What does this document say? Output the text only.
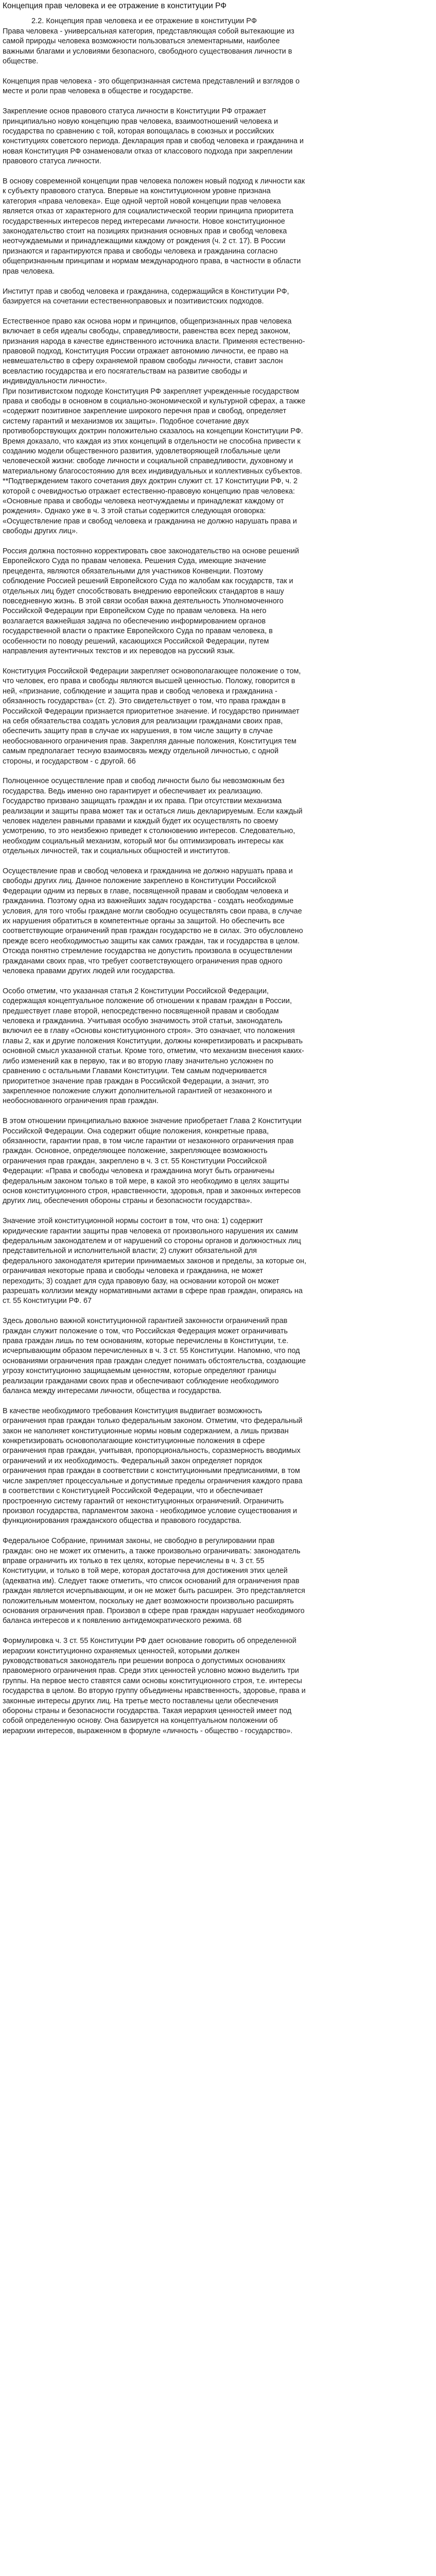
Концепция прав человека и ее отражение в конституции РФ
2.2. Концепция прав человека и ее отражение в конституции РФ
Права человека - универсальная категория, представляющая собой вытекающие из самой природы человека возможности пользоваться элементарными, наиболее важными благами и условиями безопасного, свободного существования личности в обществе.
Концепция прав человека - это общепризнанная система представлений и взглядов о месте и роли прав человека в обществе и государстве.
Закрепление основ правового статуса личности в Конституции РФ отражает принципиально новую концепцию прав человека, взаимоотношений человека и государства по сравнению с той, которая вопощалась в союзных и российских конституциях советского периода. Декларация прав и свобод человека и гражданина и новая Конституция РФ ознаменовали отказ от классового подхода при закреплении правового статуса личности.
В основу современной концепции прав человека положен новый подход к личности как к субъекту правового статуса. Впервые на конституционном уровне признана категория «права человека». Еще одной чертой новой концепции прав человека является отказ от характерного для социалистической теории принципа приоритета государственных интересов перед интересами личности. Новое конституционное законодательство стоит на позициях признания основных прав и свобод человека неотчуждаемыми и принадлежащими каждому от рождения (ч. 2 ст. 17). В России признаются и гарантируются права и свободы человека и гражданина согласно общепризнанным принципам и нормам международного права, в частности в области прав человека.
Институт прав и свобод человека и гражданина, содержащийся в Конституции РФ, базируется на сочетании естественноправовых и позитивистских подходов.
Естественное право как основа норм и принципов, общепризнанных прав человека включает в себя идеалы свободы, справедливости, равенства всех перед законом, признания народа в качестве единственного источника власти. Применяя естественно-правовой подход, Конституция России отражает автономию личности, ее право на невмешательство в сферу охраняемой правом свободы личности, ставит заслон всевластию государства и его посягательствам на развитие свободы и индивидуальности личности».
При позитивистском подходе Конституция РФ закрепляет учрежденные государством права и свободы в основном в социально-экономической и культурной сферах, а также «содержит позитивное закрепление широкого перечня прав и свобод, определяет систему гарантий и механизмов их защиты». Подобное сочетание двух противоборствующих доктрин положительно сказалось на концепции Конституции РФ. Время доказало, что каждая из этих концепций в отдельности не способна привести к созданию модели общественного развития, удовлетворяющей глобальные цели человеческой жизни: свободе личности и социальной справедливости, духовному и материальному благосостоянию для всех индивидуальных и коллективных субъектов. **Подтверждением такого сочетания двух доктрин служит ст. 17 Конституции РФ, ч. 2 которой с очевидностью отражает естественно-правовую концепцию прав человека: «Основные права и свободы человека неотчуждаемы и принадлежат каждому от рождения». Однако уже в ч. 3 этой статьи содержится следующая оговорка: «Осуществление прав и свобод человека и гражданина не должно нарушать права и свободы других лиц».
Россия должна постоянно корректировать свое законодательство на основе решений Европейского Суда по правам человека. Решения Суда, имеющие значение прецедента, являются обязательными для участников Конвенции. Поэтому соблюдение Россией решений Европейского Суда по жалобам как государств, так и отдельных лиц будет способствовать внедрению европейских стандартов в нашу повседневную жизнь. В этой связи особая важна деятельность Уполномоченного Российской Федерации при Европейском Суде по правам человека. На него возлагается важнейшая задача по обеспечению информированием органов государственной власти о практике Европейского Суда по правам человека, в особенности по поводу решений, касающихся Российской Федерации, путем направления аутентичных текстов и их переводов на русский язык.
Конституция Российской Федерации закрепляет основополагающее положение о том, что человек, его права и свободы являются высшей ценностью. Положу, говорится в ней, «признание, соблюдение и защита прав и свобод человека и гражданина - обязанность государства» (ст. 2). Это свидетельствует о том, что права граждан в Российской Федерации признается приоритетное значение. И государство принимает на себя обязательства создать условия для реализации гражданами своих прав, обеспечить защиту прав в случае их нарушения, в том числе защиту в случае необоснованного ограничения прав. Закрепляя данные положения, Конституция тем самым предполагает тесную взаимосвязь между отдельной личностью, с одной стороны, и государством - с другой. 66
Полноценное осуществление прав и свобод личности было бы невозможным без государства. Ведь именно оно гарантирует и обеспечивает их реализацию. Государство призвано защищать граждан и их права. При отсутствии механизма реализации и защиты права может так и остаться лишь декларируемым. Если каждый человек наделен равными правами и каждый будет их осуществлять по своему усмотрению, то это неизбежно приведет к столкновению интересов. Следовательно, необходим социальный механизм, который мог бы оптимизировать интересы как отдельных личностей, так и социальных общностей и институтов.
Осуществление прав и свобод человека и гражданина не должно нарушать права и свободы других лиц. Данное положение закреплено в Конституции Российской Федерации одним из первых в главе, посвященной правам и свободам человека и гражданина. Поэтому одна из важнейших задач государства - создать необходимые условия, для того чтобы граждане могли свободно осуществлять свои права, в случае их нарушения обратиться в компетентные органы за защитой. Но обеспечить все соответствующие ограничений прав граждан государство не в силах. Это обусловлено прежде всего необходимостью защиты как самих граждан, так и государства в целом. Отсюда понятно стремление государства не допустить произвола в осуществлении гражданами своих прав, что требует соответствующего ограничения прав одного человека правами других людей или государства.
Особо отметим, что указанная статья 2 Конституции Российской Федерации, содержащая концептуальное положение об отношении к правам граждан в России, предшествует главе второй, непосредственно посвященной правам и свободам человека и гражданина. Учитывая особую значимость этой статьи, законодатель включил ее в главу «Основы конституционного строя». Это означает, что положения главы 2, как и другие положения Конституции, должны конкретизировать и раскрывать основной смысл указанной статьи. Кроме того, отметим, что механизм внесения каких-либо изменений как в первую, так и во вторую главу значительно усложнен по сравнению с остальными Главами Конституции. Тем самым подчеркивается приоритетное значение прав граждан в Российской Федерации, а значит, это закрепленное положение служит дополнительной гарантией от незаконного и необоснованного ограничения прав граждан.
В этом отношении принципиально важное значение приобретает Глава 2 Конституции Российской Федерации. Она содержит общие положения, конкретные права, обязанности, гарантии прав, в том числе гарантии от незаконного ограничения прав граждан. Основное, определяющее положение, закрепляющее возможность ограничения прав граждан, закреплено в ч. 3 ст. 55 Конституции Российской Федерации: «Права и свободы человека и гражданина могут быть ограничены федеральным законом только в той мере, в какой это необходимо в целях защиты основ конституционного строя, нравственности, здоровья, прав и законных интересов других лиц, обеспечения обороны страны и безопасности государства».
Значение этой конституционной нормы состоит в том, что она: 1) содержит юридические гарантии защиты прав человека от произвольного нарушения их самим федеральным законодателем и от нарушений со стороны органов и должностных лиц представительной и исполнительной власти; 2) служит обязательной для федерального законодателя критерии принимаемых законов и пределы, за которые он, ограничивая некоторые права и свободы человека и гражданина, не может переходить; 3) создает для суда правовую базу, на основании которой он может разрешать коллизии между нормативными актами в сфере прав граждан, опираясь на ст. 55 Конституции РФ. 67
Здесь довольно важной конституционной гарантией законности ограничений прав граждан служит положение о том, что Российская Федерация может ограничивать права граждан лишь по тем основаниям, которые перечислены в Конституции, т.е. исчерпывающим образом перечисленных в ч. 3 ст. 55 Конституции. Напомню, что под основаниями ограничения прав граждан следует понимать обстоятельства, создающие угрозу конституционно защищаемым ценностям, которые определяют границы реализации гражданами своих прав и обеспечивают соблюдение необходимого баланса между интересами личности, общества и государства.
В качестве необходимого требования Конституция выдвигает возможность ограничения прав граждан только федеральным законом. Отметим, что федеральный закон не наполняет конституционные нормы новым содержанием, а лишь призван конкретизировать основополагающие конституционные положения в сфере ограничения прав граждан, учитывая, пропорциональность, соразмерность вводимых ограничений и их необходимость. Федеральный закон определяет порядок ограничения прав граждан в соответствии с конституционными предписаниями, в том числе закрепляет процессуальные и допустимые пределы ограничения каждого права в соответствии с Конституцией Российской Федерации, что и обеспечивает простроенную систему гарантий от неконституционных ограничений. Ограничить произвол государства, парламентом закона - необходимое условие существования и функционирования гражданского общества и правового государства.
Федеральное Собрание, принимая законы, не свободно в регулировании прав граждан: оно не может их отменить, а также произвольно ограничивать: законодатель вправе ограничить их только в тех целях, которые перечислены в ч. 3 ст. 55 Конституции, и только в той мере, которая достаточна для достижения этих целей (адекватна им). Следует также отметить, что список оснований для ограничения прав граждан является исчерпывающим, и он не может быть расширен. Это представляется положительным моментом, поскольку не дает возможности произвольно расширять основания ограничения прав. Произвол в сфере прав граждан нарушает необходимого баланса интересов и к появлению антидемократического режима. 68
Формулировка ч. 3 ст. 55 Конституции РФ дает основание говорить об определенной иерархии конституционно охраняемых ценностей, которыми должен руководствоваться законодатель при решении вопроса о допустимых основаниях правомерного ограничения прав. Среди этих ценностей условно можно выделить три группы. На первое место ставятся сами основы конституционного строя, т.е. интересы государства в целом. Во вторую группу объединены нравственность, здоровье, права и законные интересы других лиц. На третье место поставлены цели обеспечения обороны страны и безопасности государства. Такая иерархия ценностей имеет под собой определенную основу. Она базируется на концептуальном положении об иерархии интересов, выраженном в формуле «личность - общество - государство».
